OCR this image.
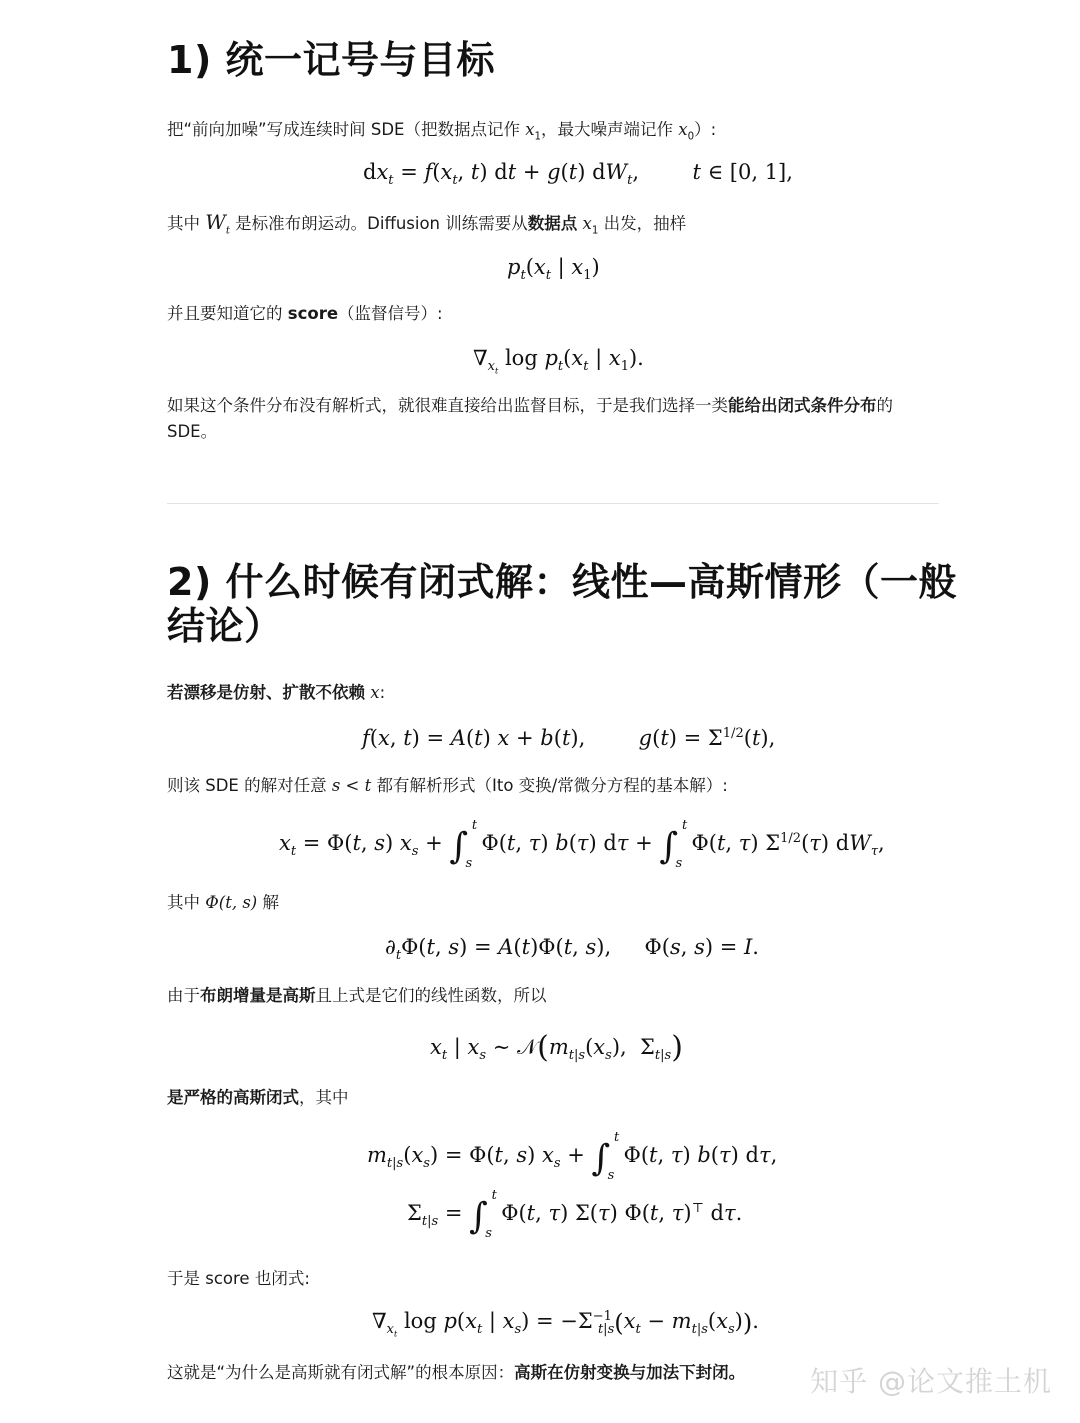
1) 统一记号与目标
把“前向加噪”写成连续时间 SDE（把数据点记作 $x_1$，最大噪声端记作 $x_0$）:
$dx_t = f(x_t$, t) dt + g(t) $dW_t$,        t ∈ [0, 1],
其中 $W_t$ 是标准布朗运动。Diffusion 训练需要从数据点 $x_1$ 出发，抽样
$p_t(x_t$ | $x_1$)
并且要知道它的 score（监督信号）:
$\nabla_{x_t}$ $\log p_t(x_t$ | $x_1$).
如果这个条件分布没有解析式，就很难直接给出监督目标，于是我们选择一类能给出闭式条件分布的
SDE。
2) 什么时候有闭式解：线性—高斯情形（一般
结论）
若漂移是仿射、扩散不依赖 x:
f(x, t) = A(t) x + b(t),        $g(t) = \Sigma^{1/2}(t)$,
则该 SDE 的解对任意 s < t 都有解析形式（Ito 变换/常微分方程的基本解）:
$x_t = \Phi(t$, s) $x_s$ + ∫
t
s
Φ(t, τ) b(τ) dτ + ∫
t
s
Φ(t, τ) $\Sigma^{1/2}(\tau)$ $dW_\tau$,
其中 Φ(t, s) 解
$\partial_t\Phi(t$, s) = A(t)Φ(t, s),     Φ(s, s) = I.
由于布朗增量是高斯且上式是它们的线性函数，所以
$x_t$ | $x_s$ ∼ $𝒩(m_{t|s}(x_s)$,  $\Sigma_{t|s}$)
是严格的高斯闭式，其中
$m_{t|s}(x_s) = \Phi(t$, s) $x_s$ + ∫
t
s
Φ(t, τ) b(τ) dτ,
$\Sigma_{t|s}$ = ∫
t
s
Φ(t, τ) Σ(τ) Φ(t, τ)⊤ dτ.
于是 score 也闭式:
$\nabla_{x_t}$ $\log p(x_t$ | $x_s) = -\Sigma^{-1}_{t|s}(x_t - m_{t|s}(x_s))$.
这就是“为什么是高斯就有闭式解”的根本原因：高斯在仿射变换与加法下封闭。 知乎 @论文推土机
